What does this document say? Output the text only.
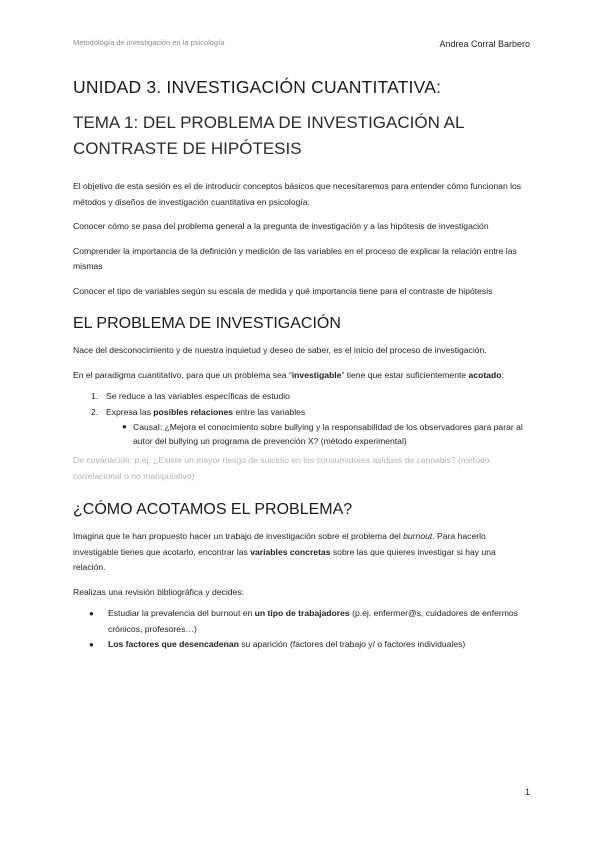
Metodología de investigación en la psicología	Andrea Corral Barbero
UNIDAD 3. INVESTIGACIÓN CUANTITATIVA:
TEMA 1: DEL PROBLEMA DE INVESTIGACIÓN AL CONTRASTE DE HIPÓTESIS

El objetivo de esta sesión es el de introducir conceptos básicos que necesitaremos para entender cómo funcionan los métodos y diseños de investigación cuantitativa en psicología:

Conocer cómo se pasa del problema general a la pregunta de investigación y a las hipótesis de investigación

Comprender la importancia de la definición y medición de las variables en el proceso de explicar la relación entre las mismas

Conocer el tipo de variables según su escala de medida y qué importancia tiene para el contraste de hipótesis

EL PROBLEMA DE INVESTIGACIÓN

Nace del desconocimiento y de nuestra inquietud y deseo de saber, es el inicio del proceso de investigación.

En el paradigma cuantitativo, para que un problema sea “investigable” tiene que estar suficientemente acotado:

1. Se reduce a las variables específicas de estudio
2. Expresa las posibles relaciones entre las variables
● Causal: ¿Mejora el conocimiento sobre bullying y la responsabilidad de los observadores para parar al autor del bullying un programa de prevención X? (método experimental)

De covariación: p.ej. ¿Existe un mayor riesgo de suicidio en los consumidores asiduos de cannabis? (método correlacional o no manipulativo)

¿CÓMO ACOTAMOS EL PROBLEMA?

Imagina que te han propuesto hacer un trabajo de investigación sobre el problema del burnout. Para hacerlo investigable tienes que acotarlo, encontrar las variables concretas sobre las que quieres investigar si hay una relación.

Realizas una revisión bibliográfica y decides:

● Estudiar la prevalencia del burnout en un tipo de trabajadores (p.ej. enfermer@s, cuidadores de enfermos crónicos, profesores…)
● Los factores que desencadenan su aparición (factores del trabajo y/ o factores individuales)
1
